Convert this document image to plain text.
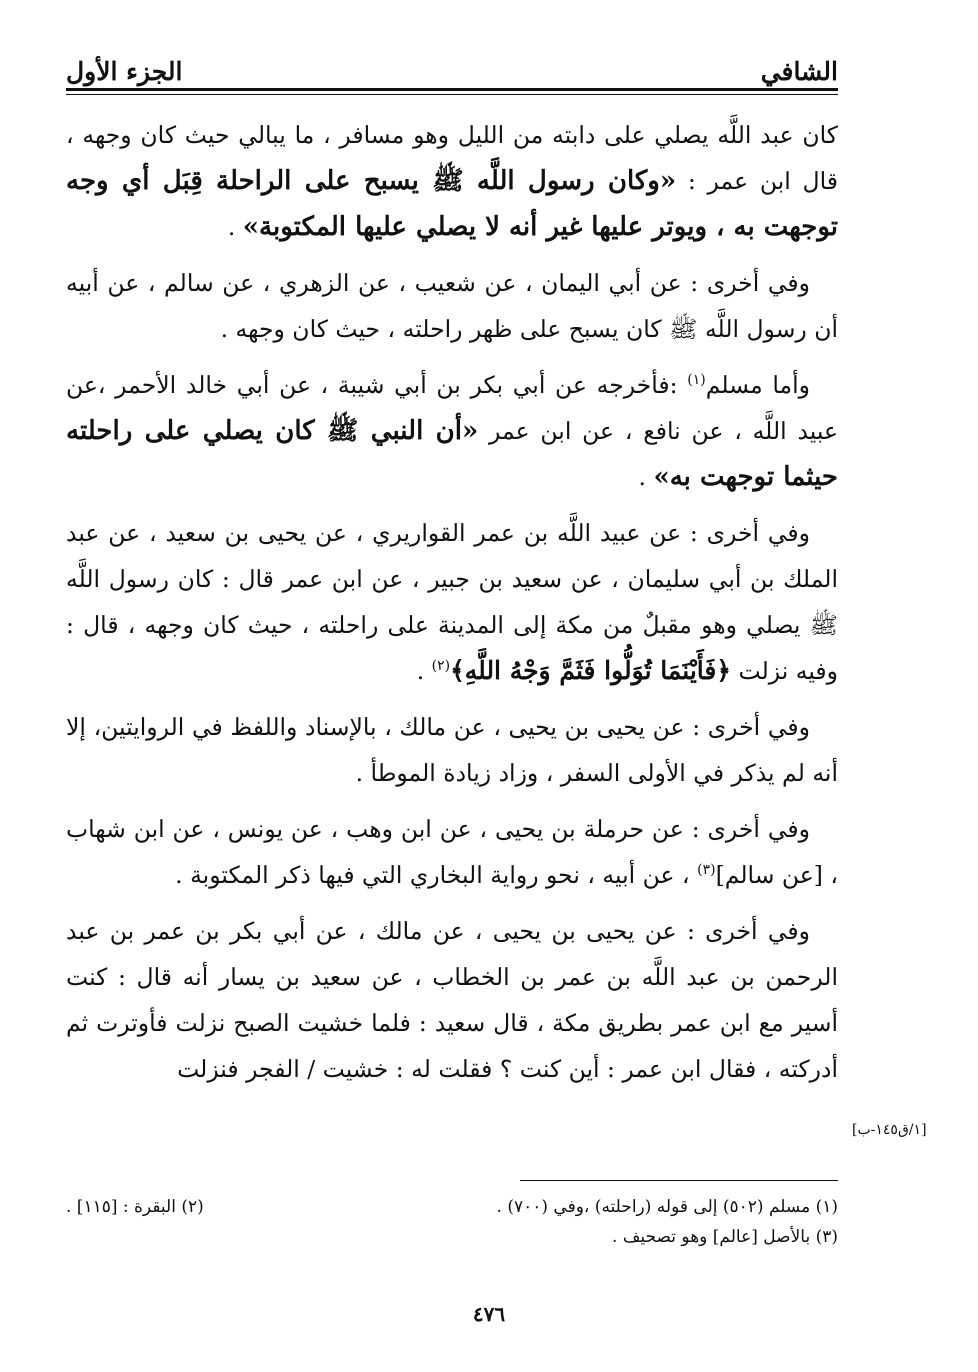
الشافي
الجزء الأول

كان عبد اللَّه يصلي على دابته من الليل وهو مسافر ، ما يبالي حيث كان وجهه ، قال ابن عمر : «وكان رسول اللَّه ﷺ يسبح على الراحلة قِبَل أي وجه توجهت به ، ويوتر عليها غير أنه لا يصلي عليها المكتوبة» .

وفي أخرى : عن أبي اليمان ، عن شعيب ، عن الزهري ، عن سالم ، عن أبيه أن رسول اللَّه ﷺ كان يسبح على ظهر راحلته ، حيث كان وجهه .

وأما مسلم$^{(١)}$ :فأخرجه عن أبي بكر بن أبي شيبة ، عن أبي خالد الأحمر ،عن عبيد اللَّه ، عن نافع ، عن ابن عمر «أن النبي ﷺ كان يصلي على راحلته حيثما توجهت به» .

وفي أخرى : عن عبيد اللَّه بن عمر القواريري ، عن يحيى بن سعيد ، عن عبد الملك بن أبي سليمان ، عن سعيد بن جبير ، عن ابن عمر قال : كان رسول اللَّه ﷺ يصلي وهو مقبلٌ من مكة إلى المدينة على راحلته ، حيث كان وجهه ، قال : وفيه نزلت ﴿فَأَيْنَمَا تُوَلُّوا فَثَمَّ وَجْهُ اللَّهِ﴾$^{(٢)}$ .

وفي أخرى : عن يحيى بن يحيى ، عن مالك ، بالإسناد واللفظ في الروايتين، إلا أنه لم يذكر في الأولى السفر ، وزاد زيادة الموطأ .

وفي أخرى : عن حرملة بن يحيى ، عن ابن وهب ، عن يونس ، عن ابن شهاب ، [عن سالم]$^{(٣)}$ ، عن أبيه ، نحو رواية البخاري التي فيها ذكر المكتوبة .

وفي أخرى : عن يحيى بن يحيى ، عن مالك ، عن أبي بكر بن عمر بن عبد الرحمن بن عبد اللَّه بن عمر بن الخطاب ، عن سعيد بن يسار أنه قال : كنت أسير مع ابن عمر بطريق مكة ، قال سعيد : فلما خشيت الصبح نزلت فأوترت ثم أدركته ، فقال ابن عمر : أين كنت ؟ فقلت له : خشيت / الفجر فنزلت

[١/ق١٤٥-ب]
(١) مسلم (٥٠٢) إلى قوله (راحلته) ،وفي (٧٠٠) .
(٢) البقرة : [١١٥] .
(٣) بالأصل [عالم] وهو تصحيف .
٤٧٦
